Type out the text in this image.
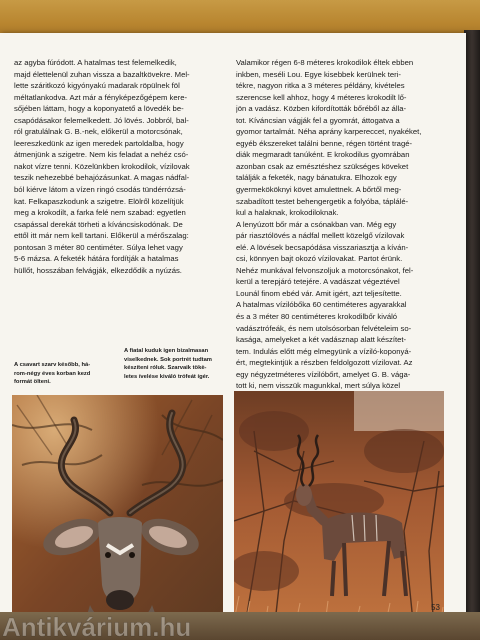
az agyba fúródott. A hatalmas test felemelkedik,
majd élettelenül zuhan vissza a bazaltkövekre. Mel-
lette száritkozó kigyónyakú madarak röpülnek föl
méltatlankodva. Azt már a fényképezőgépem kere-
sőjében láttam, hogy a koponyatető a lövedék be-
csapódásakor felemelkedett. Jó lövés. Jobbról, bal-
ról gratulálnak G. B.-nek, előkerül a motorcsónak,
leereszkedünk az igen meredek partoldalba, hogy
átmenjünk a szigetre. Nem kis feladat a nehéz csó-
nakot vízre tenni. Közelünkben krokodilok, vízilovak
teszik nehezebbé behajózásunkat. A magas nádfal-
ból kiérve látom a vízen ringó csodás tündérrózsá-
kat. Felkapaszkodunk a szigetre. Elölről közelítjük
meg a krokodilt, a farka felé nem szabad: egyetlen
csapással derekát törheti a kíváncsiskodónak. De
ettől itt már nem kell tartani. Előkerül a mérőszalag:
pontosan 3 méter 80 centiméter. Súlya lehet vagy
5-6 mázsa. A feketék hátára fordítják a hatalmas
hüllőt, hosszában felvágják, elkezdődik a nyúzás.
Valamikor régen 6-8 méteres krokodilok éltek ebben
inkben, meséli Lou. Egye kisebbek kerülnek teri-
tékre, nagyon ritka a 3 méteres példány, kivételes
szerencse kell ahhoz, hogy 4 méteres krokodilt lő-
jön a vadász. Közben kifordították bőréből az álla-
tot. Kíváncsian vágják fel a gyomrát, áttogatva a
gyomor tartalmát. Néha aprány karpereccet, nyakéket,
egyéb ékszereket találni benne, régen történt tragé-
diák megmaradt tanúként. E krokodilus gyomrában
azonban csak az emésztéshez szükséges köveket
találják a feketék, nagy bánatukra. Elhozok egy
gyermekököknyi követ amulettnek. A bőrtől meg-
szabadított testet behengergetik a folyóba, táplálé-
kul a halaknak, krokodiloknak.
A lenyúzott bőr már a csónakban van. Még egy
pár riasztólövés a nádfal mellett közelgő vízilovak
elé. A lövések becsapódása visszariasztja a kíván-
csi, könnyen bajt okozó vízilovakat. Partot érünk.
Nehéz munkával felvonszoljuk a motorcsónakot, fel-
kerül a terepjáró tetejére. A vadászat végeztével
Lounál finom ebéd vár. Amit igért, azt teljesítette.
A hatalmas vízilóbőka 60 centiméteres agyarakkal
és a 3 méter 80 centiméteres krokodilbőr kiváló
vadásztrófeák, és nem utolsósorban felvételeim so-
kasága, amelyeket a két vadásznap alatt készítet-
tem. Indulás előtt még elmegyünk a víziló-koponyá-
ért, megtekintjük a részben feldolgozott vízilovat. Az
egy négyzetméteres vízilóbőrt, amelyet G. B. vága-
tott ki, nem visszük magunkkal, mert súlya közel
A csavart szarv később, há-
rom-négy éves korban kezd
formát ölteni.
A fiatal kuduk igen bizalmasan
viselkednek. Sok portrét tudtam
készíteni róluk. Szarvaik tökè-
letes ívelése kiváló trófeát ígér.
53
Antikvárium.hu
